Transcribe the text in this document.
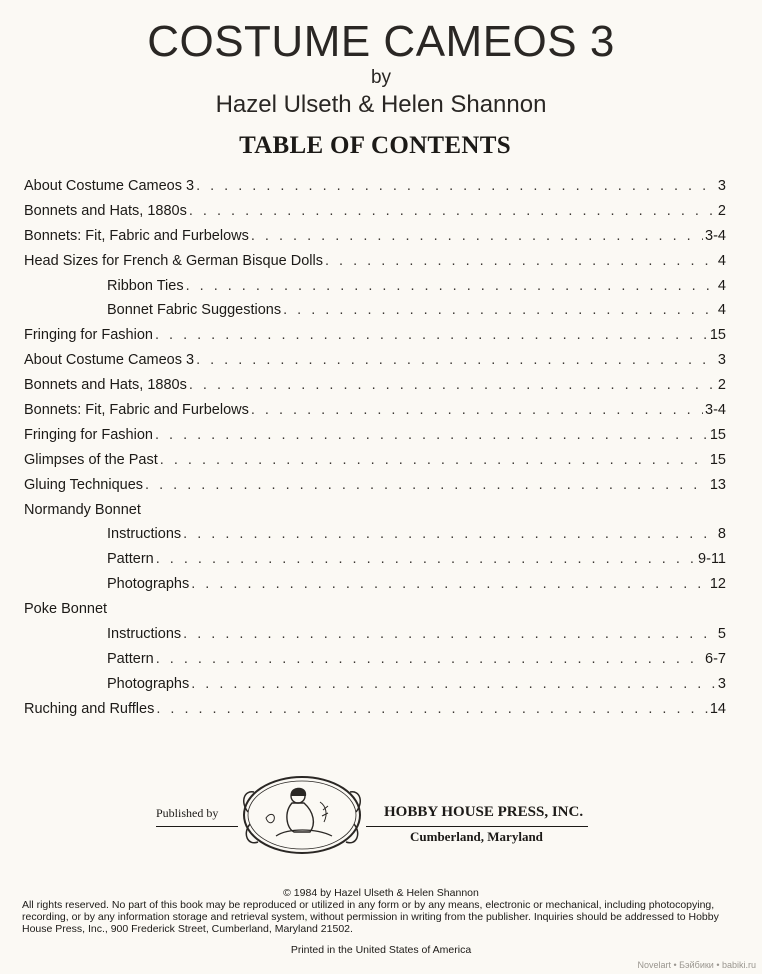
COSTUME CAMEOS 3
by
Hazel Ulseth & Helen Shannon
TABLE OF CONTENTS
About Costume Cameos 3 . . .	3
Bonnets and Hats, 1880s . . .	2
Bonnets: Fit, Fabric and Furbelows . . .	3-4
Head Sizes for French & German Bisque Dolls . . .	4
Ribbon Ties . . .	4
Bonnet Fabric Suggestions . . .	4
Fringing for Fashion . . .	15
About Costume Cameos 3 . . .	3
Bonnets and Hats, 1880s . . .	2
Bonnets: Fit, Fabric and Furbelows . . .	3-4
Fringing for Fashion . . .	15
Glimpses of the Past . . .	15
Gluing Techniques . . .	13
Normandy Bonnet
Instructions . . .	8
Pattern . . .	9-11
Photographs . . .	12
Poke Bonnet
Instructions . . .	5
Pattern . . .	6-7
Photographs . . .	3
Ruching and Ruffles . . .	14
Published by	HOBBY HOUSE PRESS, INC.
Cumberland, Maryland
© 1984 by Hazel Ulseth & Helen Shannon
All rights reserved. No part of this book may be reproduced or utilized in any form or by any means, electronic or mechanical, including photocopying, recording, or by any information storage and retrieval system, without permission in writing from the publisher. Inquiries should be addressed to Hobby House Press, Inc., 900 Frederick Street, Cumberland, Maryland 21502.
Printed in the United States of America
Novelart • Бэйбики • babiki.ru
